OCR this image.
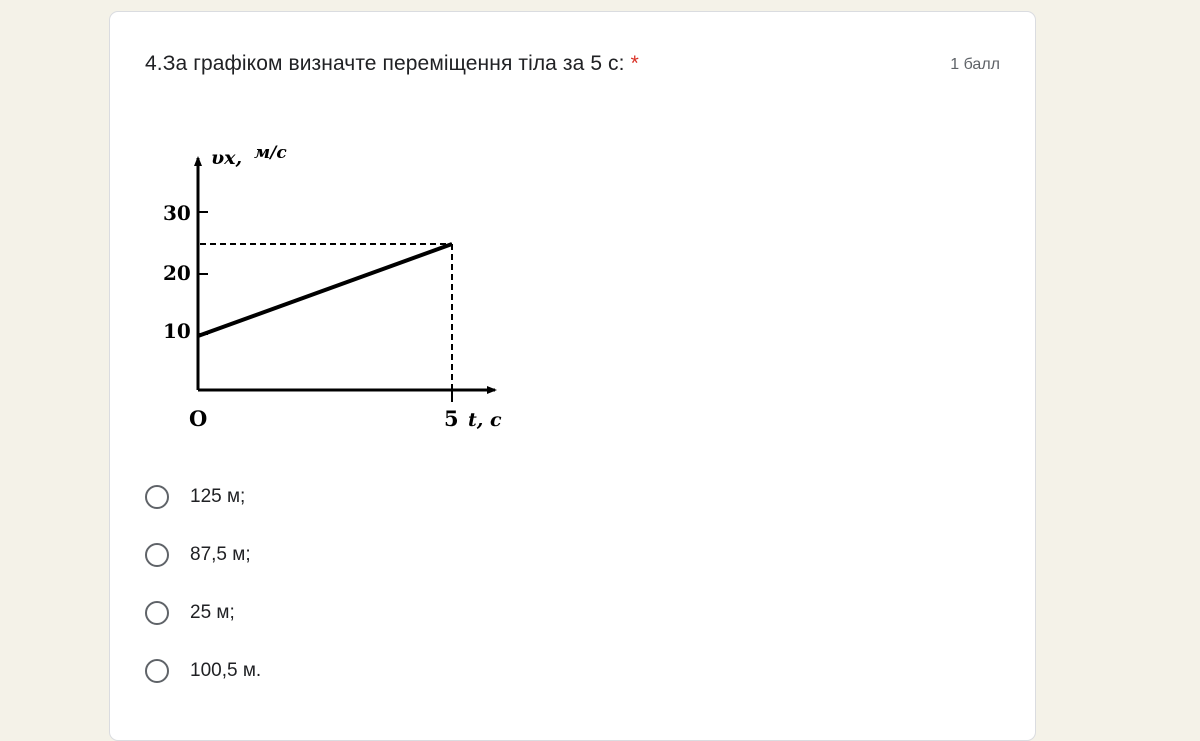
4.За графіком визначте переміщення тіла за 5 с: *	1 балл
υx, м/с
30
20
10
О	5 t, с
125 м;
87,5 м;
25 м;
100,5 м.
